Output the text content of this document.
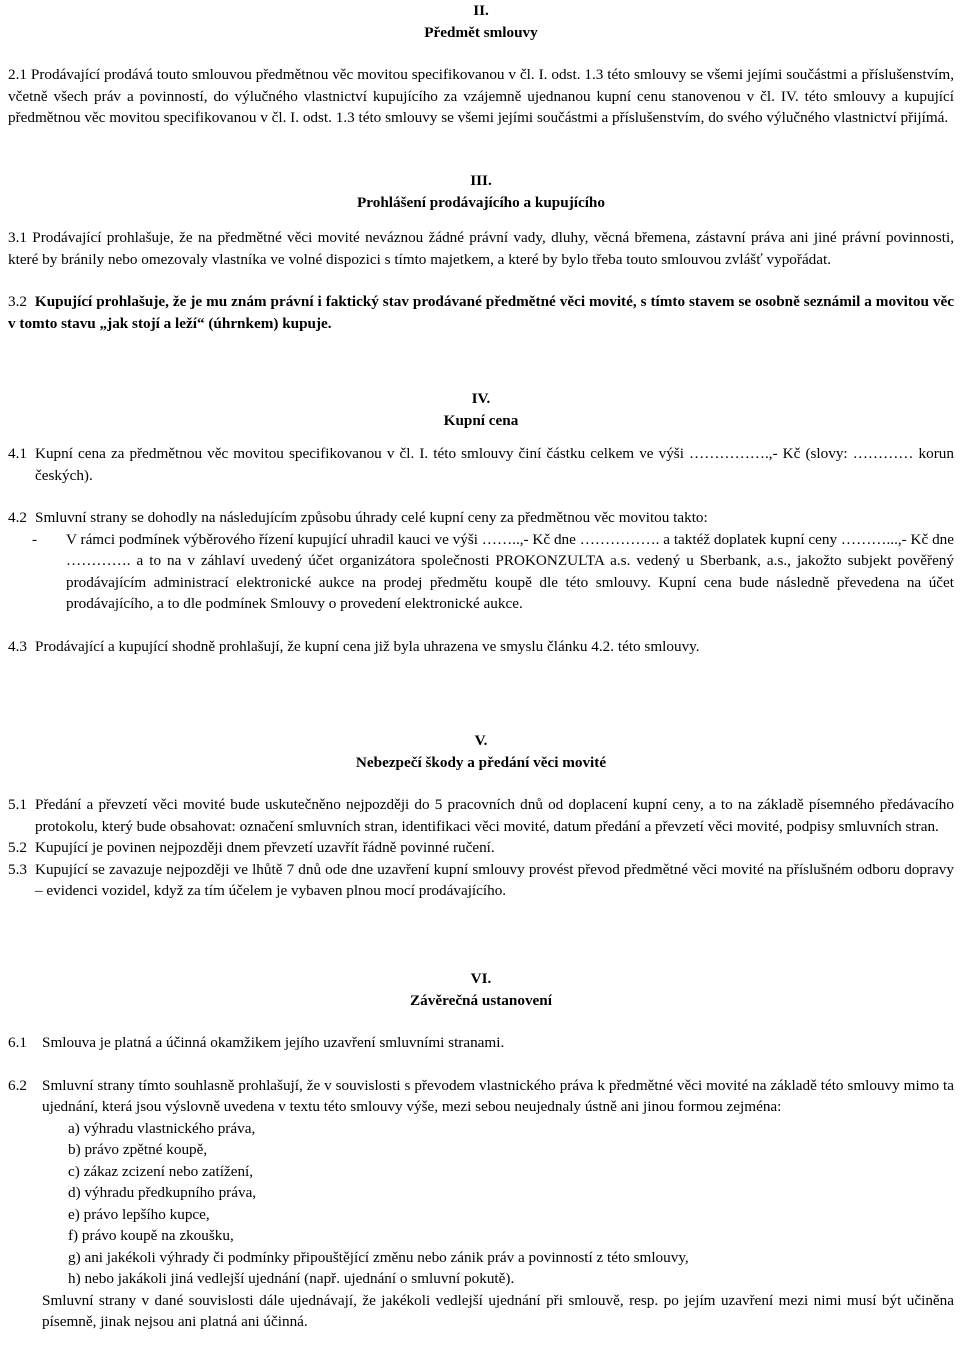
II.

Předmět smlouvy

2.1 Prodávající prodává touto smlouvou předmětnou věc movitou specifikovanou v čl. I. odst. 1.3 této smlouvy se všemi jejími součástmi a příslušenstvím, včetně všech práv a povinností, do výlučného vlastnictví kupujícího za vzájemně ujednanou kupní cenu stanovenou v čl. IV. této smlouvy a kupující předmětnou věc movitou specifikovanou v čl. I. odst. 1.3 této smlouvy se všemi jejími součástmi a příslušenstvím, do svého výlučného vlastnictví přijímá.

III.

Prohlášení prodávajícího a kupujícího

3.1 Prodávající prohlašuje, že na předmětné věci movité neváznou žádné právní vady, dluhy, věcná břemena, zástavní práva ani jiné právní povinnosti, které by bránily nebo omezovaly vlastníka ve volné dispozici s tímto majetkem, a které by bylo třeba touto smlouvou zvlášť vypořádat.
3.2 Kupující prohlašuje, že je mu znám právní i faktický stav prodávané předmětné věci movité, s tímto stavem se osobně seznámil a movitou věc v tomto stavu „jak stojí a leží“ (úhrnkem) kupuje.

IV.

Kupní cena

4.1 Kupní cena za předmětnou věc movitou specifikovanou v čl. I. této smlouvy činí částku celkem ve výši …………….,- Kč (slovy: ………… korun českých).
4.2 Smluvní strany se dohodly na následujícím způsobu úhrady celé kupní ceny za předmětnou věc movitou takto:
-	V rámci podmínek výběrového řízení kupující uhradil kauci ve výši ……..,- Kč dne ……………. a taktéž doplatek kupní ceny ………...,- Kč dne …………. a to na v záhlaví uvedený účet organizátora společnosti PROKONZULTA a.s. vedený u Sberbank, a.s., jakožto subjekt pověřený prodávajícím administrací elektronické aukce na prodej předmětu koupě dle této smlouvy. Kupní cena bude následně převedena na účet prodávajícího, a to dle podmínek Smlouvy o provedení elektronické aukce.
4.3 Prodávající a kupující shodně prohlašují, že kupní cena již byla uhrazena ve smyslu článku 4.2. této smlouvy.

V.

Nebezpečí škody a předání věci movité

5.1 Předání a převzetí věci movité bude uskutečněno nejpozději do 5 pracovních dnů od doplacení kupní ceny, a to na základě písemného předávacího protokolu, který bude obsahovat: označení smluvních stran, identifikaci věci movité, datum předání a převzetí věci movité, podpisy smluvních stran.
5.2 Kupující je povinen nejpozději dnem převzetí uzavřít řádně povinné ručení.
5.3 Kupující se zavazuje nejpozději ve lhůtě 7 dnů ode dne uzavření kupní smlouvy provést převod předmětné věci movité na příslušném odboru dopravy – evidenci vozidel, když za tím účelem je vybaven plnou mocí prodávajícího.

VI.

Závěrečná ustanovení

6.1 Smlouva je platná a účinná okamžikem jejího uzavření smluvními stranami.
6.2 Smluvní strany tímto souhlasně prohlašují, že v souvislosti s převodem vlastnického práva k předmětné věci movité na základě této smlouvy mimo ta ujednání, která jsou výslovně uvedena v textu této smlouvy výše, mezi sebou neujednaly ústně ani jinou formou zejména:
a) výhradu vlastnického práva,
b) právo zpětné koupě,
c) zákaz zcizení nebo zatížení,
d) výhradu předkupního práva,
e) právo lepšího kupce,
f) právo koupě na zkoušku,
g) ani jakékoli výhrady či podmínky připouštějící změnu nebo zánik práv a povinností z této smlouvy,
h) nebo jakákoli jiná vedlejší ujednání (např. ujednání o smluvní pokutě).
Smluvní strany v dané souvislosti dále ujednávají, že jakékoli vedlejší ujednání při smlouvě, resp. po jejím uzavření mezi nimi musí být učiněna písemně, jinak nejsou ani platná ani účinná.
